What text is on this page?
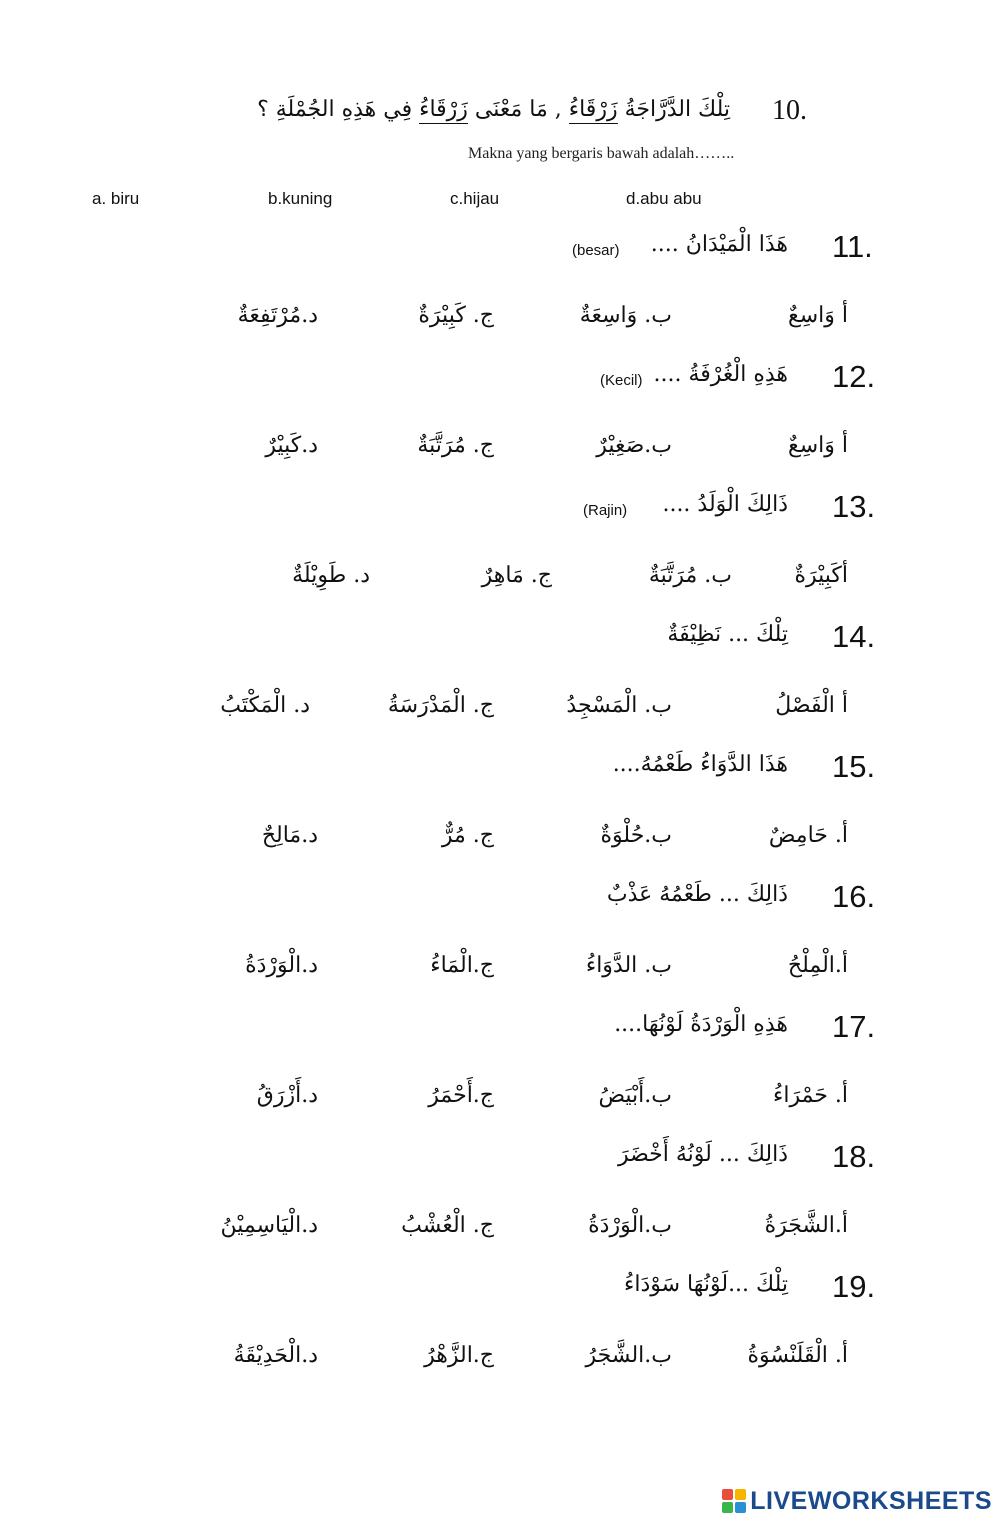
10.
تِلْكَ الدَّرَّاجَةُ زَرْقَاءُ , مَا مَعْنَى زَرْقَاءُ فِي هَذِهِ الجُمْلَةِ ؟
Makna yang bergaris bawah adalah……..
a. biru	b.kuning	c.hijau	d.abu abu
11.
هَذَا الْمَيْدَانُ ....
(besar)
أ وَاسِعٌ
ب. وَاسِعَةٌ
ج. كَبِيْرَةٌ
د.مُرْتَفِعَةٌ
12.
هَذِهِ الْغُرْفَةُ ....
(Kecil)
أ وَاسِعٌ
ب.صَغِيْرٌ
ج. مُرَتَّبَةٌ
د.كَبِيْرٌ
13.
ذَالِكَ الْوَلَدُ ....
(Rajin)
أكَبِيْرَةٌ
ب. مُرَتَّبَةٌ
ج. مَاهِرٌ
د. طَوِيْلَةٌ
14.
تِلْكَ ... نَظِيْفَةٌ
أ الْفَصْلُ
ب. الْمَسْجِدُ
ج. الْمَدْرَسَةُ
د. الْمَكْتَبُ
15.
هَذَا الدَّوَاءُ طَعْمُهُ....
أ. حَامِضٌ
ب.حُلْوَةٌ
ج. مُرٌّ
د.مَالِحٌ
16.
ذَالِكَ ... طَعْمُهُ عَذْبٌ
أ.الْمِلْحُ
ب. الدَّوَاءُ
ج.الْمَاءُ
د.الْوَرْدَةُ
17.
هَذِهِ الْوَرْدَةُ لَوْنُهَا....
أ. حَمْرَاءُ
ب.أَبْيَضُ
ج.أَحْمَرُ
د.أَزْرَقُ
18.
ذَالِكَ ... لَوْنُهُ أَخْضَرَ
أ.الشَّجَرَةُ
ب.الْوَرْدَةُ
ج. الْعُشْبُ
د.الْيَاسِمِيْنُ
19.
تِلْكَ ...لَوْنُهَا سَوْدَاءُ
أ. الْقَلَنْسُوَةُ
ب.الشَّجَرُ
ج.الزَّهْرُ
د.الْحَدِيْقَةُ
LIVEWORKSHEETS
